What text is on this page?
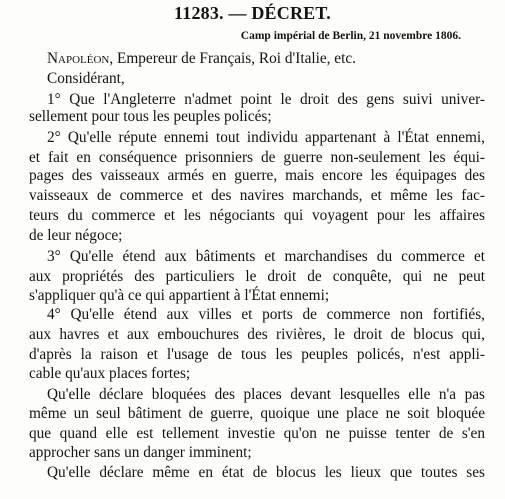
11283. — DÉCRET.
Camp impérial de Berlin, 21 novembre 1806.
Napoléon, Empereur de Français, Roi d'Italie, etc.
Considérant,
1° Que l'Angleterre n'admet point le droit des gens suivi univer-
sellement pour tous les peuples policés;
2° Qu'elle répute ennemi tout individu appartenant à l'État ennemi,
et fait en conséquence prisonniers de guerre non-seulement les équi-
pages des vaisseaux armés en guerre, mais encore les équipages des
vaisseaux de commerce et des navires marchands, et même les fac-
teurs du commerce et les négociants qui voyagent pour les affaires
de leur négoce;
3° Qu'elle étend aux bâtiments et marchandises du commerce et
aux propriétés des particuliers le droit de conquête, qui ne peut
s'appliquer qu'à ce qui appartient à l'État ennemi;
4° Qu'elle étend aux villes et ports de commerce non fortifiés,
aux havres et aux embouchures des rivières, le droit de blocus qui,
d'après la raison et l'usage de tous les peuples policés, n'est appli-
cable qu'aux places fortes;
Qu'elle déclare bloquées des places devant lesquelles elle n'a pas
même un seul bâtiment de guerre, quoique une place ne soit bloquée
que quand elle est tellement investie qu'on ne puisse tenter de s'en
approcher sans un danger imminent;
Qu'elle déclare même en état de blocus les lieux que toutes ses
